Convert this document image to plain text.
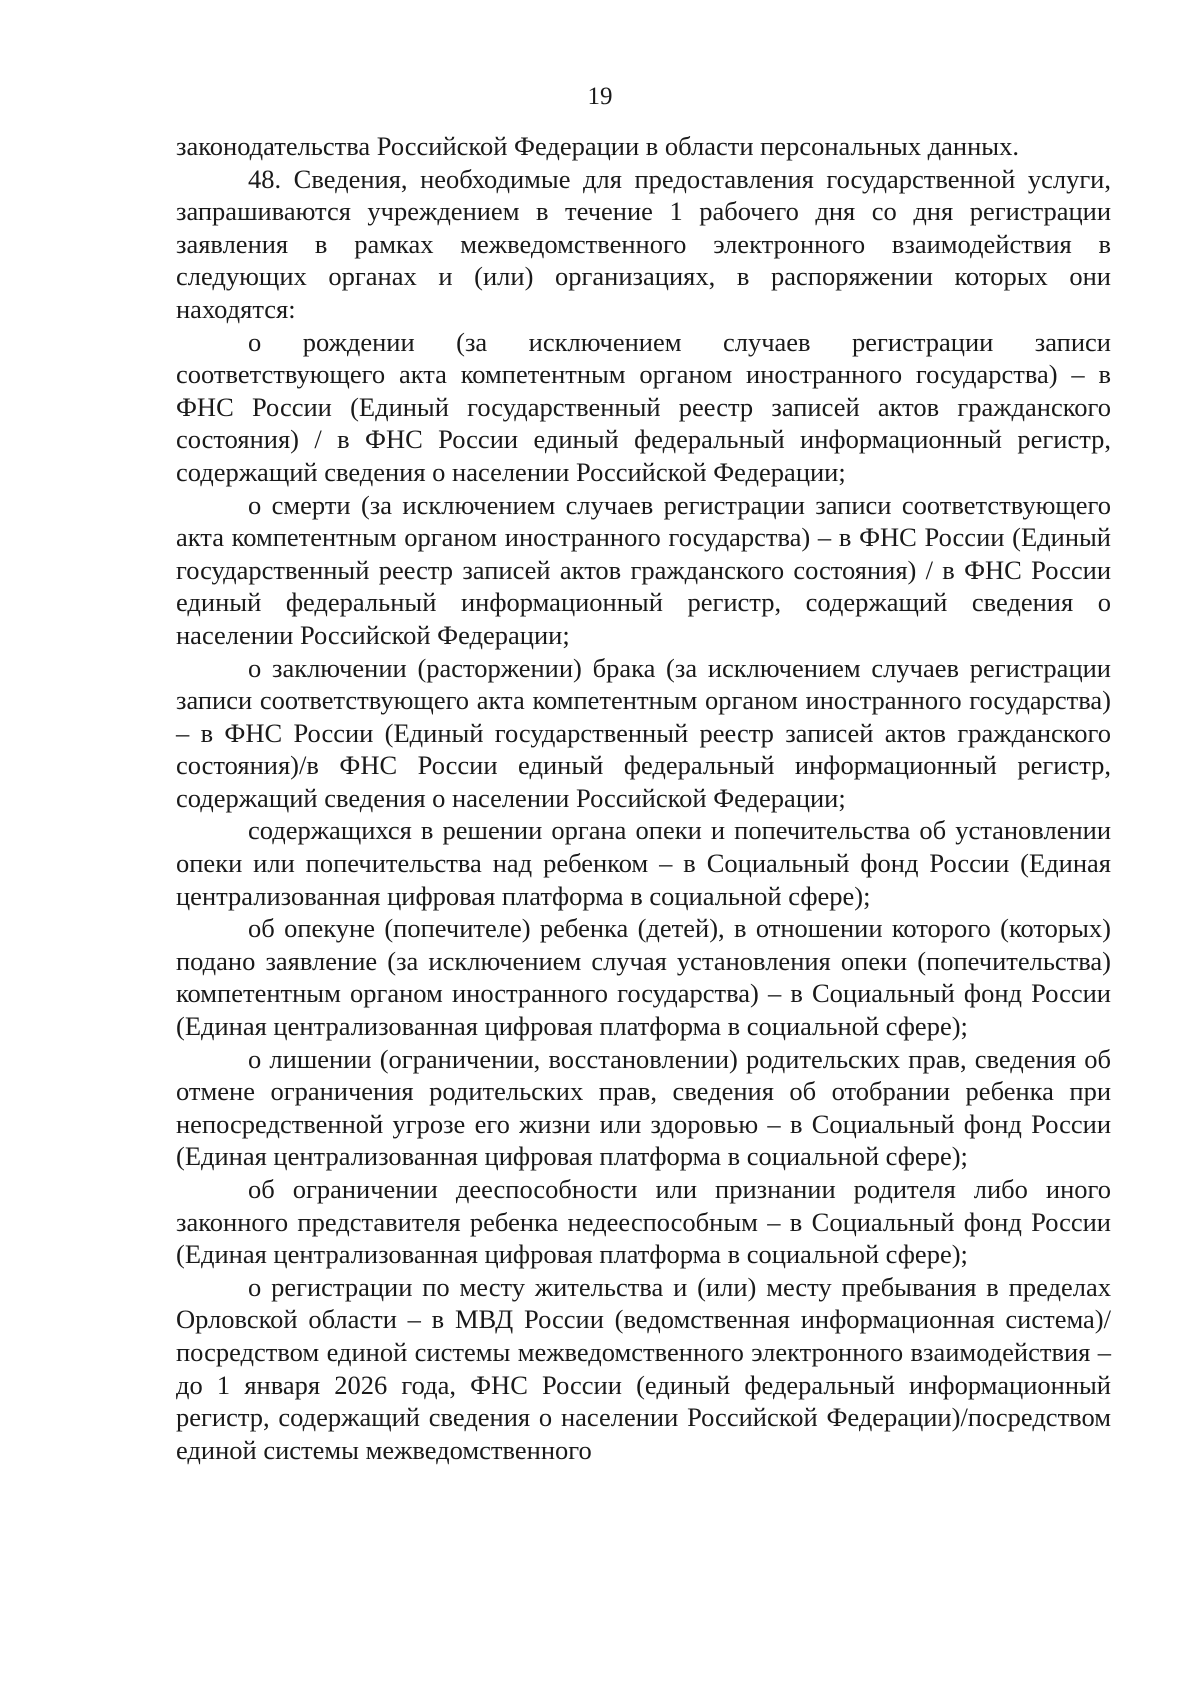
19

законодательства Российской Федерации в области персональных данных.

48. Сведения, необходимые для предоставления государственной услуги, запрашиваются учреждением в течение 1 рабочего дня со дня регистрации заявления в рамках межведомственного электронного взаимодействия в следующих органах и (или) организациях, в распоряжении которых они находятся:

о рождении (за исключением случаев регистрации записи соответствующего акта компетентным органом иностранного государства) – в ФНС России (Единый государственный реестр записей актов гражданского состояния) / в ФНС России единый федеральный информационный регистр, содержащий сведения о населении Российской Федерации;

о смерти (за исключением случаев регистрации записи соответствующего акта компетентным органом иностранного государства) – в ФНС России (Единый государственный реестр записей актов гражданского состояния) / в ФНС России единый федеральный информационный регистр, содержащий сведения о населении Российской Федерации;

о заключении (расторжении) брака (за исключением случаев регистрации записи соответствующего акта компетентным органом иностранного государства) – в ФНС России (Единый государственный реестр записей актов гражданского состояния)/в ФНС России единый федеральный информационный регистр, содержащий сведения о населении Российской Федерации;

содержащихся в решении органа опеки и попечительства об установлении опеки или попечительства над ребенком – в Социальный фонд России (Единая централизованная цифровая платформа в социальной сфере);

об опекуне (попечителе) ребенка (детей), в отношении которого (которых) подано заявление (за исключением случая установления опеки (попечительства) компетентным органом иностранного государства) – в Социальный фонд России (Единая централизованная цифровая платформа в социальной сфере);

о лишении (ограничении, восстановлении) родительских прав, сведения об отмене ограничения родительских прав, сведения об отобрании ребенка при непосредственной угрозе его жизни или здоровью – в Социальный фонд России (Единая централизованная цифровая платформа в социальной сфере);

об ограничении дееспособности или признании родителя либо иного законного представителя ребенка недееспособным – в Социальный фонд России (Единая централизованная цифровая платформа в социальной сфере);

о регистрации по месту жительства и (или) месту пребывания в пределах Орловской области – в МВД России (ведомственная информационная система)/посредством единой системы межведомственного электронного взаимодействия – до 1 января 2026 года, ФНС России (единый федеральный информационный регистр, содержащий сведения о населении Российской Федерации)/посредством единой системы межведомственного
